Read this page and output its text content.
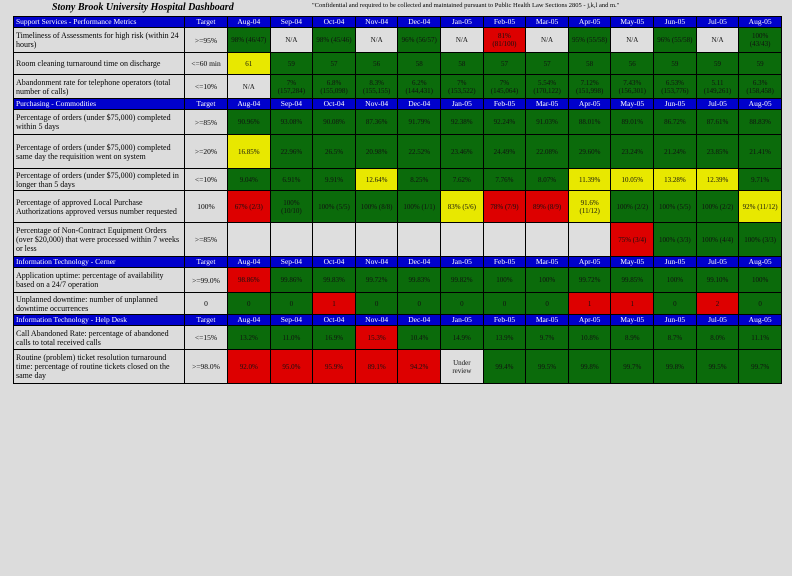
Stony Brook University Hospital Dashboard	"Confidential and required to be collected and maintained pursuant to Public Health Law Sections 2805 - j,k,l and m."
Support Services - Performance Metrics	Target	Aug-04	Sep-04	Oct-04	Nov-04	Dec-04	Jan-05	Feb-05	Mar-05	Apr-05	May-05	Jun-05	Jul-05	Aug-05
Timeliness of Assessments for high risk (within 24 hours)	>=95%	98% (46/47)	N/A	98% (45/46)	N/A	96% (56/57)	N/A	81% (81/100)	N/A	95% (55/58)	N/A	96% (55/58)	N/A	100% (43/43)
Room cleaning turnaround time on discharge	<=60 min	61	59	57	56	58	58	57	57	58	56	59	59	59
Abandonment rate for telephone operators (total number of calls)	<=10%	N/A	7% (157,284)	6.8% (155,098)	8.3% (155,155)	6.2% (144,431)	7% (153,522)	7% (145,064)	5.54% (170,122)	7.12% (151,998)	7.43% (156,301)	6.53% (153,776)	5.11 (149,261)	6.3% (158,458)
Purchasing - Commodities	Target	Aug-04	Sep-04	Oct-04	Nov-04	Dec-04	Jan-05	Feb-05	Mar-05	Apr-05	May-05	Jun-05	Jul-05	Aug-05
Percentage of orders (under $75,000) completed within 5 days	>=85%	90.96%	93.08%	90.08%	87.36%	91.79%	92.38%	92.24%	91.03%	88.01%	89.01%	86.72%	87.61%	88.83%
Percentage of orders (under $75,000) completed same day the requisition went on system	>=20%	16.85%	22.96%	26.5%	20.98%	22.52%	23.46%	24.49%	22.08%	29.60%	23.24%	21.24%	23.85%	21.41%
Percentage of orders (under $75,000) completed in longer than 5 days	<=10%	9.04%	6.91%	9.91%	12.64%	8.25%	7.62%	7.76%	8.07%	11.39%	10.05%	13.28%	12.39%	9.71%
Percentage of approved Local Purchase Authorizations approved versus number requested	100%	67% (2/3)	100% (10/10)	100% (5/5)	100% (8/8)	100% (1/1)	83% (5/6)	78% (7/9)	89% (8/9)	91.6% (11/12)	100% (2/2)	100% (5/5)	100% (2/2)	92% (11/12)
Percentage of Non-Contract Equipment Orders (over $20,000) that were processed within 7 weeks or less	>=85%										75% (3/4)	100% (3/3)	100% (4/4)	100% (3/3)
Information Technology - Cerner	Target	Aug-04	Sep-04	Oct-04	Nov-04	Dec-04	Jan-05	Feb-05	Mar-05	Apr-05	May-05	Jun-05	Jul-05	Aug-05
Application uptime: percentage of availability based on a 24/7 operation	>=99.0%	98.86%	99.86%	99.83%	99.72%	99.83%	99.82%	100%	100%	99.72%	99.85%	100%	99.10%	100%
Unplanned downtime: number of unplanned downtime occurrences	0	0	0	1	0	0	0	0	0	1	1	0	2	0
Information Technology - Help Desk	Target	Aug-04	Sep-04	Oct-04	Nov-04	Dec-04	Jan-05	Feb-05	Mar-05	Apr-05	May-05	Jun-05	Jul-05	Aug-05
Call Abandoned Rate: percentage of abandoned calls to total received calls	<=15%	13.2%	11.0%	16.9%	15.3%	10.4%	14.9%	13.9%	9.7%	10.8%	8.9%	8.7%	8.0%	11.1%
Routine (problem) ticket resolution turnaround time: percentage of routine tickets closed on the same day	>=98.0%	92.0%	95.0%	95.9%	89.1%	94.2%	Under review	99.4%	99.5%	99.8%	99.7%	99.8%	99.5%	99.7%
